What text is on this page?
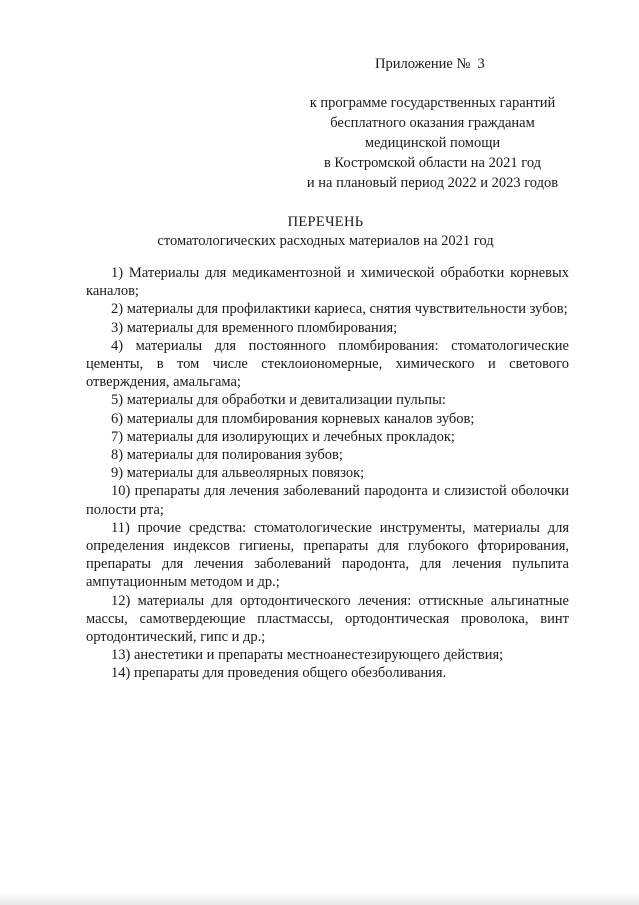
Приложение №  3
к программе государственных гарантий
бесплатного оказания гражданам
медицинской помощи
в Костромской области на 2021 год
и на плановый период 2022 и 2023 годов
ПЕРЕЧЕНЬ
стоматологических расходных материалов на 2021 год
1) Материалы для медикаментозной и химической обработки корневых каналов;
2) материалы для профилактики кариеса, снятия чувствительности зубов;
3) материалы для временного пломбирования;
4) материалы для постоянного пломбирования: стоматологические цементы, в том числе стеклоиономерные, химического и светового отверждения, амальгама;
5) материалы для обработки и девитализации пульпы:
6) материалы для пломбирования корневых каналов зубов;
7) материалы для изолирующих и лечебных прокладок;
8) материалы для полирования зубов;
9) материалы для альвеолярных повязок;
10) препараты для лечения заболеваний пародонта и слизистой оболочки полости рта;
11) прочие средства: стоматологические инструменты, материалы для определения индексов гигиены, препараты для глубокого фторирования, препараты для лечения заболеваний пародонта, для лечения пульпита ампутационным методом и др.;
12) материалы для ортодонтического лечения: оттискные альгинатные массы, самотвердеющие пластмассы, ортодонтическая проволока, винт ортодонтический, гипс и др.;
13) анестетики и препараты местноанестезирующего действия;
14) препараты для проведения общего обезболивания.
